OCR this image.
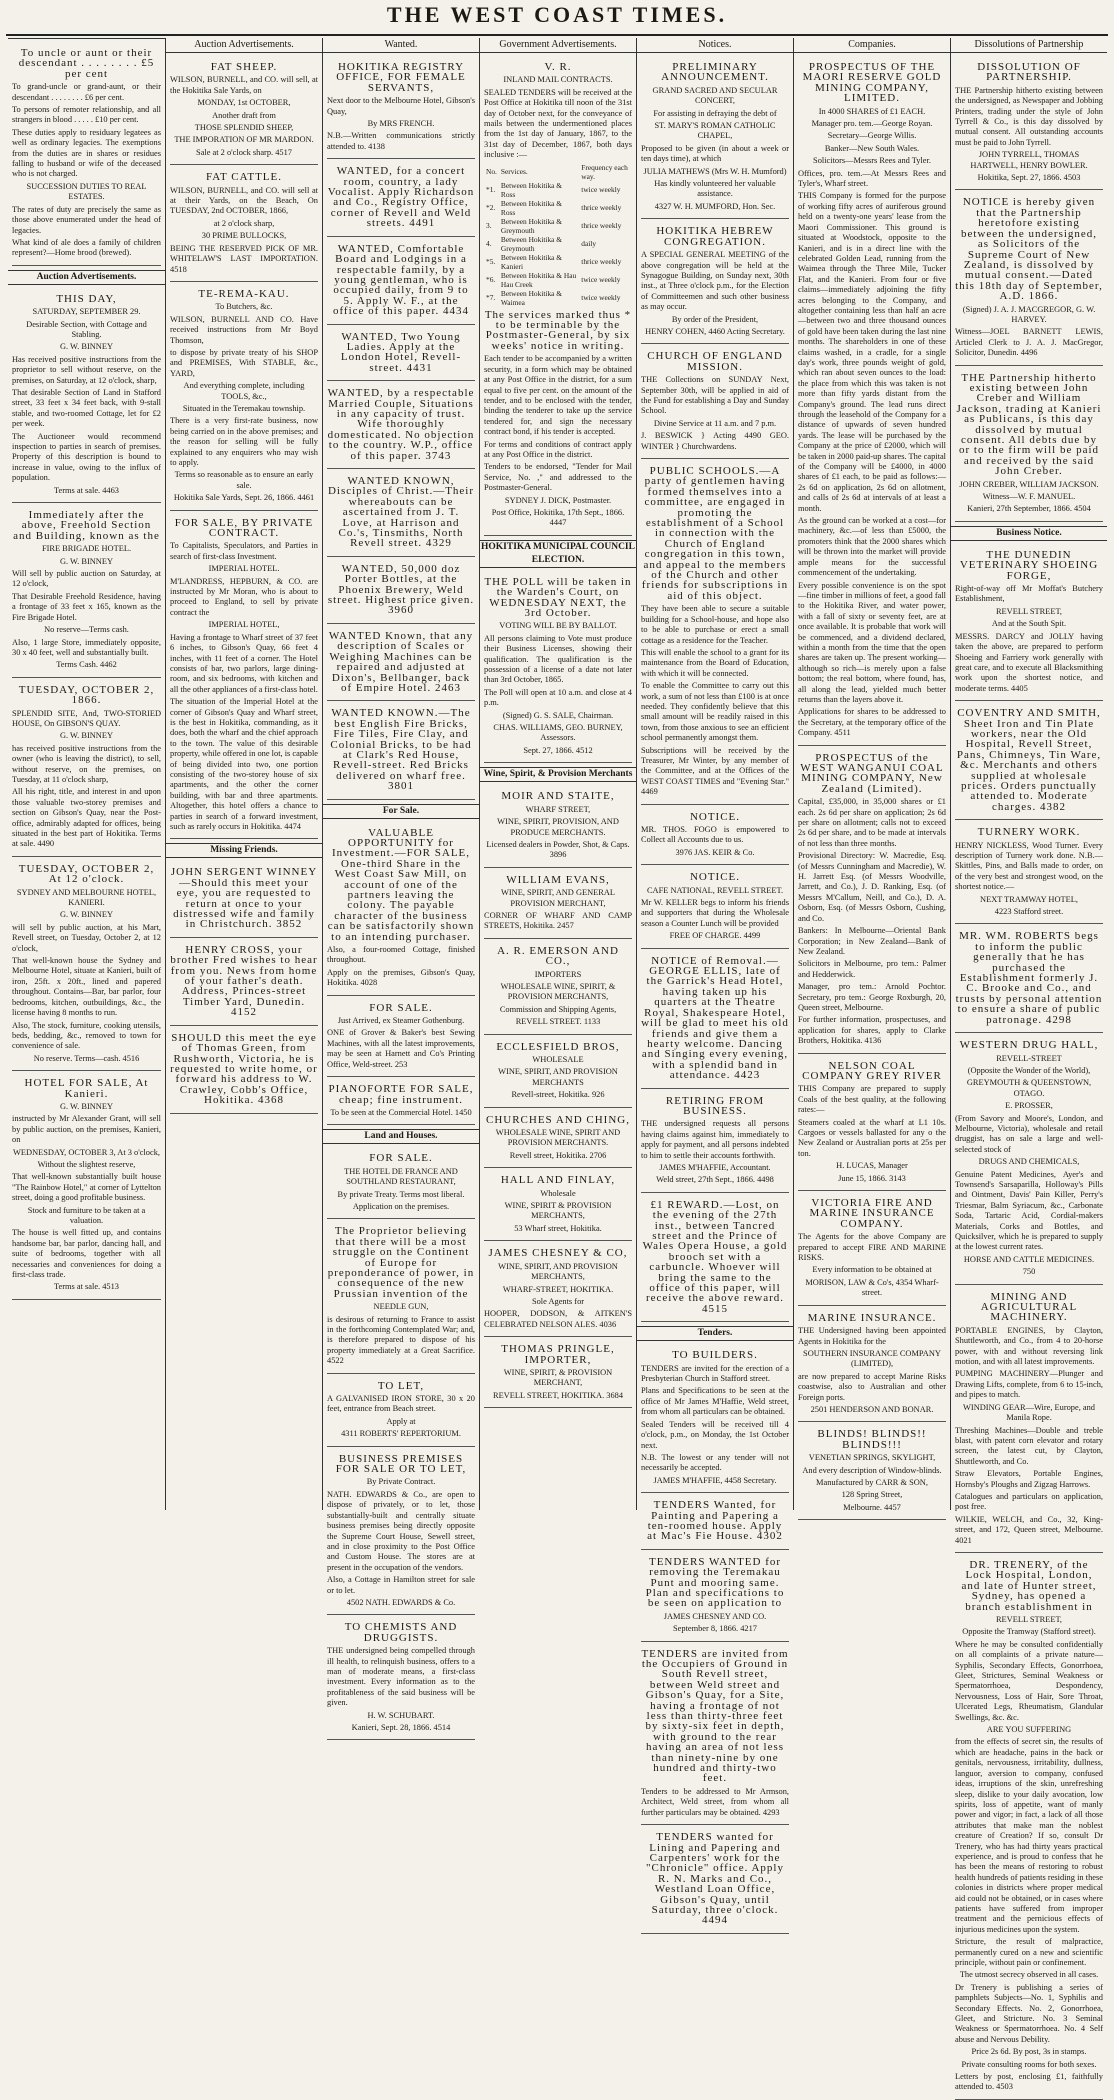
THE WEST COAST TIMES.

To uncle or aunt or their descendant . . . . . . . . £5 per cent

To grand-uncle or grand-aunt, or their descendant . . . . . . . . £6 per cent.

To persons of remoter relationship, and all strangers in blood . . . . . £10 per cent.

These duties apply to residuary legatees as well as ordinary legacies. The exemptions from the duties are in shares or residues falling to husband or wife of the deceased who is not charged.

SUCCESSION DUTIES TO REAL ESTATES.

The rates of duty are precisely the same as those above enumerated under the head of legacies.

What kind of ale does a family of children represent?—Home brood (brewed).

Auction Advertisements.

THIS DAY,

SATURDAY, SEPTEMBER 29.

Desirable Section, with Cottage and Stabling.

G. W. BINNEY

Has received positive instructions from the proprietor to sell without reserve, on the premises, on Saturday, at 12 o'clock, sharp,

That desirable Section of Land in Stafford street, 33 feet x 34 feet back, with 9-stall stable, and two-roomed Cottage, let for £2 per week.

The Auctioneer would recommend inspection to parties in search of premises. Property of this description is bound to increase in value, owing to the influx of population.

Terms at sale. 4463

Immediately after the above, Freehold Section and Building, known as the

FIRE BRIGADE HOTEL.

G. W. BINNEY

Will sell by public auction on Saturday, at 12 o'clock,

That Desirable Freehold Residence, having a frontage of 33 feet x 165, known as the Fire Brigade Hotel.

No reserve—Terms cash.

Also, 1 large Store, immediately opposite, 30 x 40 feet, well and substantially built.

Terms Cash. 4462

TUESDAY, OCTOBER 2, 1866.

SPLENDID SITE, And, TWO-STORIED HOUSE, On GIBSON'S QUAY.

G. W. BINNEY

has received positive instructions from the owner (who is leaving the district), to sell, without reserve, on the premises, on Tuesday, at 11 o'clock sharp,

All his right, title, and interest in and upon those valuable two-storey premises and section on Gibson's Quay, near the Post-office, admirably adapted for offices, being situated in the best part of Hokitika. Terms at sale. 4490

TUESDAY, OCTOBER 2, At 12 o'clock.

SYDNEY AND MELBOURNE HOTEL, KANIERI.

G. W. BINNEY

will sell by public auction, at his Mart, Revell street, on Tuesday, October 2, at 12 o'clock,

That well-known house the Sydney and Melbourne Hotel, situate at Kanieri, built of iron, 25ft. x 20ft., lined and papered throughout. Contains—Bar, bar parlor, four bedrooms, kitchen, outbuildings, &c., the license having 8 months to run.

Also, The stock, furniture, cooking utensils, beds, bedding, &c., removed to town for convenience of sale.

No reserve. Terms—cash. 4516

HOTEL FOR SALE, At Kanieri.

G. W. BINNEY

instructed by Mr Alexander Grant, will sell by public auction, on the premises, Kanieri, on

WEDNESDAY, OCTOBER 3, At 3 o'clock,

Without the slightest reserve,

That well-known substantially built house "The Rainbow Hotel," at corner of Lyttelton street, doing a good profitable business.

Stock and furniture to be taken at a valuation.

The house is well fitted up, and contains handsome bar, bar parlor, dancing hall, and suite of bedrooms, together with all necessaries and conveniences for doing a first-class trade.

Terms at sale. 4513

Auction Advertisements.

FAT SHEEP.

WILSON, BURNELL, and CO. will sell, at the Hokitika Sale Yards, on

MONDAY, 1st OCTOBER,

Another draft from

THOSE SPLENDID SHEEP,

THE IMPORATION OF MR MARDON.

Sale at 2 o'clock sharp. 4517

FAT CATTLE.

WILSON, BURNELL, and CO. will sell at at their Yards, on the Beach, On TUESDAY, 2nd OCTOBER, 1866,

at 2 o'clock sharp,

30 PRIME BULLOCKS,

BEING THE RESERVED PICK OF MR. WHITELAW'S LAST IMPORTATION. 4518

TE-REMA-KAU.

To Butchers, &c.

WILSON, BURNELL AND CO. Have received instructions from Mr Boyd Thomson,

to dispose by private treaty of his SHOP and PREMISES, With STABLE, &c., YARD,

And everything complete, including TOOLS, &c.,

Situated in the Teremakau township.

There is a very first-rate business, now being carried on in the above premises; and the reason for selling will be fully explained to any enquirers who may wish to apply.

Terms so reasonable as to ensure an early sale.

Hokitika Sale Yards, Sept. 26, 1866. 4461

FOR SALE, BY PRIVATE CONTRACT.

To Capitalists, Speculators, and Parties in search of first-class Investment.

IMPERIAL HOTEL.

M'LANDRESS, HEPBURN, & CO. are instructed by Mr Moran, who is about to proceed to England, to sell by private contract the

IMPERIAL HOTEL,

Having a frontage to Wharf street of 37 feet 6 inches, to Gibson's Quay, 66 feet 4 inches, with 11 feet of a corner. The Hotel consists of bar, two parlors, large dining-room, and six bedrooms, with kitchen and all the other appliances of a first-class hotel.

The situation of the Imperial Hotel at the corner of Gibson's Quay and Wharf street, is the best in Hokitika, commanding, as it does, both the wharf and the chief approach to the town. The value of this desirable property, while offered in one lot, is capable of being divided into two, one portion consisting of the two-storey house of six apartments, and the other the corner building, with bar and three apartments. Altogether, this hotel offers a chance to parties in search of a forward investment, such as rarely occurs in Hokitika. 4474

Missing Friends.

JOHN SERGENT WINNEY—Should this meet your eye, you are requested to return at once to your distressed wife and family in Christchurch. 3852

HENRY CROSS, your brother Fred wishes to hear from you. News from home of your father's death. Address, Princes-street Timber Yard, Dunedin. 4152

SHOULD this meet the eye of Thomas Green, from Rushworth, Victoria, he is requested to write home, or forward his address to W. Crawley, Cobb's Office, Hokitika. 4368

Wanted.

HOKITIKA REGISTRY OFFICE, FOR FEMALE SERVANTS,

Next door to the Melbourne Hotel, Gibson's Quay,

By MRS FRENCH.

N.B.—Written communications strictly attended to. 4138

WANTED, for a concert room, country, a lady Vocalist. Apply Richardson and Co., Registry Office, corner of Revell and Weld streets. 4491

WANTED, Comfortable Board and Lodgings in a respectable family, by a young gentleman, who is occupied daily, from 9 to 5. Apply W. F., at the office of this paper. 4434

WANTED, Two Young Ladies. Apply at the London Hotel, Revell-street. 4431

WANTED, by a respectable Married Couple, Situations in any capacity of trust. Wife thoroughly domesticated. No objection to the country. W.P., office of this paper. 3743

WANTED KNOWN, Disciples of Christ.—Their whereabouts can be ascertained from J. T. Love, at Harrison and Co.'s, Tinsmiths, North Revell street. 4329

WANTED, 50,000 doz Porter Bottles, at the Phoenix Brewery, Weld street. Highest price given. 3960

WANTED Known, that any description of Scales or Weighing Machines can be repaired and adjusted at Dixon's, Bellbanger, back of Empire Hotel. 2463

WANTED KNOWN.—The best English Fire Bricks, Fire Tiles, Fire Clay, and Colonial Bricks, to be had at Clark's Red House, Revell-street. Red Bricks delivered on wharf free. 3801

For Sale.

VALUABLE OPPORTUNITY for Investment.—FOR SALE, One-third Share in the West Coast Saw Mill, on account of one of the partners leaving the colony. The payable character of the business can be satisfactorily shown to an intending purchaser.

Also, a four-roomed Cottage, finished throughout.

Apply on the premises, Gibson's Quay, Hokitika. 4028

FOR SALE.

Just Arrived, ex Steamer Gothenburg.

ONE of Grover & Baker's best Sewing Machines, with all the latest improvements, may be seen at Harnett and Co's Printing Office, Weld-street. 253

PIANOFORTE FOR SALE, cheap; fine instrument.

To be seen at the Commercial Hotel. 1450

Land and Houses.

FOR SALE.

THE HOTEL DE FRANCE AND SOUTHLAND RESTAURANT,

By private Treaty. Terms most liberal.

Application on the premises.

The Proprietor believing that there will be a most struggle on the Continent of Europe for preponderance of power, in consequence of the new Prussian invention of the

NEEDLE GUN,

is desirous of returning to France to assist in the forthcoming Contemplated War; and, is therefore prepared to dispose of his property immediately at a Great Sacrifice. 4522

TO LET,

A GALVANISED IRON STORE, 30 x 20 feet, entrance from Beach street.

Apply at

4311 ROBERTS' REPERTORIUM.

BUSINESS PREMISES FOR SALE OR TO LET,

By Private Contract.

NATH. EDWARDS & Co., are open to dispose of privately, or to let, those substantially-built and centrally situate business premises being directly opposite the Supreme Court House, Sewell street, and in close proximity to the Post Office and Custom House. The stores are at present in the occupation of the vendors.

Also, a Cottage in Hamilton street for sale or to let.

4502 NATH. EDWARDS & Co.

TO CHEMISTS AND DRUGGISTS.

THE undersigned being compelled through ill health, to relinquish business, offers to a man of moderate means, a first-class investment. Every information as to the profitableness of the said business will be given.

H. W. SCHUBART.

Kanieri, Sept. 28, 1866. 4514

Government Advertisements.

V. R.

INLAND MAIL CONTRACTS.

SEALED TENDERS will be received at the Post Office at Hokitika till noon of the 31st day of October next, for the conveyance of mails between the undermentioned places from the 1st day of January, 1867, to the 31st day of December, 1867, both days inclusive :—

No.	Services.	Frequency each way.
*1.	Between Hokitika & Ross	twice weekly
*2.	Between Hokitika & Ross	thrice weekly
3.	Between Hokitika & Greymouth	thrice weekly
4.	Between Hokitika & Greymouth	daily
*5.	Between Hokitika & Kanieri	thrice weekly
*6.	Between Hokitika & Hau Hau Creek	twice weekly
*7.	Between Hokitika & Waimea	twice weekly

The services marked thus * to be terminable by the Postmaster-General, by six weeks' notice in writing.

Each tender to be accompanied by a written security, in a form which may be obtained at any Post Office in the district, for a sum equal to five per cent. on the amount of the tender, and to be enclosed with the tender, binding the tenderer to take up the service tendered for, and sign the necessary contract bond, if his tender is accepted.

For terms and conditions of contract apply at any Post Office in the district.

Tenders to be endorsed, "Tender for Mail Service, No. ," and addressed to the Postmaster-General.

SYDNEY J. DICK, Postmaster.

Post Office, Hokitika, 17th Sept., 1866. 4447

HOKITIKA MUNICIPAL COUNCIL ELECTION.

THE POLL will be taken in the Warden's Court, on WEDNESDAY NEXT, the 3rd October.

VOTING WILL BE BY BALLOT.

All persons claiming to Vote must produce their Business Licenses, showing their qualification. The qualification is the possession of a license of a date not later than 3rd October, 1865.

The Poll will open at 10 a.m. and close at 4 p.m.

(Signed) G. S. SALE, Chairman.

CHAS. WILLIAMS, GEO. BURNEY, Assessors.

Sept. 27, 1866. 4512

Wine, Spirit, & Provision Merchants

MOIR AND STAITE,

WHARF STREET,

WINE, SPIRIT, PROVISION, AND PRODUCE MERCHANTS.

Licensed dealers in Powder, Shot, & Caps. 3896

WILLIAM EVANS,

WINE, SPIRIT, AND GENERAL PROVISION MERCHANT,

CORNER OF WHARF AND CAMP STREETS, Hokitika. 2457

A. R. EMERSON AND CO.,

IMPORTERS

WHOLESALE WINE, SPIRIT, & PROVISION MERCHANTS,

Commission and Shipping Agents,

REVELL STREET. 1133

ECCLESFIELD BROS,

WHOLESALE

WINE, SPIRIT, AND PROVISION MERCHANTS

Revell-street, Hokitika. 926

CHURCHES AND CHING,

WHOLESALE WINE, SPIRIT AND PROVISION MERCHANTS.

Revell street, Hokitika. 2706

HALL AND FINLAY,

Wholesale

WINE, SPIRIT & PROVISION MERCHANTS,

53 Wharf street, Hokitika.

JAMES CHESNEY & CO,

WINE, SPIRIT, AND PROVISION MERCHANTS,

WHARF-STREET, HOKITIKA.

Sole Agents for

HOOPER, DODSON, & AITKEN'S CELEBRATED NELSON ALES. 4036

THOMAS PRINGLE, IMPORTER,

WINE, SPIRIT, & PROVISION MERCHANT,

REVELL STREET, HOKITIKA. 3684

Notices.

PRELIMINARY ANNOUNCEMENT.

GRAND SACRED AND SECULAR CONCERT,

For assisting in defraying the debt of

ST. MARY'S ROMAN CATHOLIC CHAPEL,

Proposed to be given (in about a week or ten days time), at which

JULIA MATHEWS (Mrs W. H. Mumford)

Has kindly volunteered her valuable assistance.

4327 W. H. MUMFORD, Hon. Sec.

HOKITIKA HEBREW CONGREGATION.

A SPECIAL GENERAL MEETING of the above congregation will be held at the Synagogue Building, on Sunday next, 30th inst., at Three o'clock p.m., for the Election of Committeemen and such other business as may occur.

By order of the President,

HENRY COHEN, 4460 Acting Secretary.

CHURCH OF ENGLAND MISSION.

THE Collections on SUNDAY Next, September 30th, will be applied in aid of the Fund for establishing a Day and Sunday School.

Divine Service at 11 a.m. and 7 p.m.

J. BESWICK } Acting 4490 GEO. WINTER } Churchwardens.

PUBLIC SCHOOLS.—A party of gentlemen having formed themselves into a committee, are engaged in promoting the establishment of a School in connection with the Church of England congregation in this town, and appeal to the members of the Church and other friends for subscriptions in aid of this object.

They have been able to secure a suitable building for a School-house, and hope also to be able to purchase or erect a small cottage as a residence for the Teacher.

This will enable the school to a grant for its maintenance from the Board of Education, with which it will be connected.

To enable the Committee to carry out this work, a sum of not less than £100 is at once needed. They confidently believe that this small amount will be readily raised in this town, from those anxious to see an efficient school permanently amongst them.

Subscriptions will be received by the Treasurer, Mr Winter, by any member of the Committee, and at the Offices of the WEST COAST TIMES and "Evening Star." 4469

NOTICE.

MR. THOS. FOGO is empowered to Collect all Accounts due to us.

3976 JAS. KEIR & Co.

NOTICE.

CAFE NATIONAL, REVELL STREET.

Mr W. KELLER begs to inform his friends and supporters that during the Wholesale season a Counter Lunch will be provided

FREE OF CHARGE. 4499

NOTICE of Removal.—GEORGE ELLIS, late of the Garrick's Head Hotel, having taken up his quarters at the Theatre Royal, Shakespeare Hotel, will be glad to meet his old friends and give them a hearty welcome. Dancing and Singing every evening, with a splendid band in attendance. 4423

RETIRING FROM BUSINESS.

THE undersigned requests all persons having claims against him, immediately to apply for payment, and all persons indebted to him to settle their accounts forthwith.

JAMES M'HAFFIE, Accountant.

Weld street, 27th Sept., 1866. 4498

£1 REWARD.—Lost, on the evening of the 27th inst., between Tancred street and the Prince of Wales Opera House, a gold brooch set with a carbuncle. Whoever will bring the same to the office of this paper, will receive the above reward. 4515

Tenders.

TO BUILDERS.

TENDERS are invited for the erection of a Presbyterian Church in Stafford street.

Plans and Specifications to be seen at the office of Mr James M'Haffie, Weld street, from whom all particulars can be obtained.

Sealed Tenders will be received till 4 o'clock, p.m., on Monday, the 1st October next.

N.B. The lowest or any tender will not necessarily be accepted.

JAMES M'HAFFIE, 4458 Secretary.

TENDERS Wanted, for Painting and Papering a ten-roomed house. Apply at Mac's Fie House. 4302

TENDERS WANTED for removing the Teremakau Punt and mooring same. Plan and specifications to be seen on application to

JAMES CHESNEY AND CO.

September 8, 1866. 4217

TENDERS are invited from the Occupiers of Ground in South Revell street, between Weld street and Gibson's Quay, for a Site, having a frontage of not less than thirty-three feet by sixty-six feet in depth, with ground to the rear having an area of not less than ninety-nine by one hundred and thirty-two feet.

Tenders to be addressed to Mr Armson, Architect, Weld street, from whom all further particulars may be obtained. 4293

TENDERS wanted for Lining and Papering and Carpenters' work for the "Chronicle" office. Apply R. N. Marks and Co., Westland Loan Office, Gibson's Quay, until Saturday, three o'clock. 4494

Companies.

PROSPECTUS OF THE MAORI RESERVE GOLD MINING COMPANY, LIMITED.

In 4000 SHARES of £1 EACH.

Manager pro. tem.—George Royan.

Secretary—George Willis.

Banker—New South Wales.

Solicitors—Messrs Rees and Tyler.

Offices, pro. tem.—At Messrs Rees and Tyler's, Wharf street.

THIS Company is formed for the purpose of working fifty acres of auriferous ground held on a twenty-one years' lease from the Maori Commissioner. This ground is situated at Woodstock, opposite to the Kanieri, and is in a direct line with the celebrated Golden Lead, running from the Waimea through the Three Mile, Tucker Flat, and the Kanieri. From four or five claims—immediately adjoining the fifty acres belonging to the Company, and altogether containing less than half an acre—between two and three thousand ounces of gold have been taken during the last nine months. The shareholders in one of these claims washed, in a cradle, for a single day's work, three pounds weight of gold, which ran about seven ounces to the load: the place from which this was taken is not more than fifty yards distant from the Company's ground. The lead runs direct through the leasehold of the Company for a distance of upwards of seven hundred yards. The lease will be purchased by the Company at the price of £2000, which will be taken in 2000 paid-up shares. The capital of the Company will be £4000, in 4000 shares of £1 each, to be paid as follows:—2s 6d on application, 2s 6d on allotment, and calls of 2s 6d at intervals of at least a month.

As the ground can be worked at a cost—for machinery, &c.—of less than £5000, the promoters think that the 2000 shares which will be thrown into the market will provide ample means for the successful commencement of the undertaking.

Every possible convenience is on the spot—fine timber in millions of feet, a good fall to the Hokitika River, and water power, with a fall of sixty or seventy feet, are at once available. It is probable that work will be commenced, and a dividend declared, within a month from the time that the open shares are taken up. The present working—although so rich—is merely upon a false bottom; the real bottom, where found, has, all along the lead, yielded much better returns than the layers above it.

Applications for shares to be addressed to the Secretary, at the temporary office of the Company. 4511

PROSPECTUS of the WEST WANGANUI COAL MINING COMPANY, New Zealand (Limited).

Capital, £35,000, in 35,000 shares or £1 each. 2s 6d per share on application; 2s 6d per share on allotment; calls not to exceed 2s 6d per share, and to be made at intervals of not less than three months.

Provisional Directory: W. Macredie, Esq. (of Messrs Cunningham and Macredie), W. H. Jarrett Esq. (of Messrs Woodville, Jarrett, and Co.), J. D. Ranking, Esq. (of Messrs M'Callum, Neill, and Co.), D. A. Osborn, Esq. (of Messrs Osborn, Cushing, and Co.

Bankers: In Melbourne—Oriental Bank Corporation; in New Zealand—Bank of New Zealand.

Solicitors in Melbourne, pro tem.: Palmer and Hedderwick.

Manager, pro tem.: Arnold Pochtor. Secretary, pro tem.: George Roxburgh, 20, Queen street, Melbourne.

For further information, prospectuses, and application for shares, apply to Clarke Brothers, Hokitika. 4136

NELSON COAL COMPANY GREY RIVER

THIS Company are prepared to supply Coals of the best quality, at the following rates:—

Steamers coaled at the wharf at L1 10s. Cargoes or vessels ballasted for any o the New Zealand or Australian ports at 25s per ton.

H. LUCAS, Manager

June 15, 1866. 3143

VICTORIA FIRE AND MARINE INSURANCE COMPANY.

The Agents for the above Company are prepared to accept FIRE AND MARINE RISKS.

Every information to be obtained at

MORISON, LAW & Co's, 4354 Wharf-street.

MARINE INSURANCE.

THE Undersigned having been appointed Agents in Hokitika for the

SOUTHERN INSURANCE COMPANY (LIMITED),

are now prepared to accept Marine Risks coastwise, also to Australian and other Foreign ports.

2501 HENDERSON AND BONAR.

BLINDS! BLINDS!! BLINDS!!!

VENETIAN SPRINGS, SKYLIGHT,

And every description of Window-blinds.

Manufactured by CARR & SON,

128 Spring Street,

Melbourne. 4457

Dissolutions of Partnership

DISSOLUTION OF PARTNERSHIP.

THE Partnership hitherto existing between the undersigned, as Newspaper and Jobbing Printers, trading under the style of John Tyrrell & Co., is this day dissolved by mutual consent. All outstanding accounts must be paid to John Tyrrell.

JOHN TYRRELL, THOMAS HARTWELL, HENRY BOWLER.

Hokitika, Sept. 27, 1866. 4503

NOTICE is hereby given that the Partnership heretofore existing between the undersigned, as Solicitors of the Supreme Court of New Zealand, is dissolved by mutual consent.—Dated this 18th day of September, A.D. 1866.

(Signed) J. A. J. MACGREGOR, G. W. HARVEY.

Witness—JOEL BARNETT LEWIS, Articled Clerk to J. A. J. MacGregor, Solicitor, Dunedin. 4496

THE Partnership hitherto existing between John Creber and William Jackson, trading at Kanieri as Publicans, is this day dissolved by mutual consent. All debts due by or to the firm will be paid and received by the said John Creber.

JOHN CREBER, WILLIAM JACKSON.

Witness—W. F. MANUEL.

Kanieri, 27th September, 1866. 4504

Business Notice.

THE DUNEDIN VETERINARY SHOEING FORGE,

Right-of-way off Mr Moffat's Butchery Establishment,

REVELL STREET,

And at the South Spit.

MESSRS. DARCY and JOLLY having taken the above, are prepared to perform Shoeing and Farriery work generally with great care, and to execute all Blacksmithing work upon the shortest notice, and moderate terms. 4405

COVENTRY AND SMITH, Sheet Iron and Tin Plate workers, near the Old Hospital, Revell Street, Pans, Chimneys, Tin Ware, &c. Merchants and others supplied at wholesale prices. Orders punctually attended to. Moderate charges. 4382

TURNERY WORK.

HENRY NICKLESS, Wood Turner. Every description of Turnery work done. N.B.—Skittles, Pins, and Balls made to order, on of the very best and strongest wood, on the shortest notice.—

NEXT TRAMWAY HOTEL,

4223 Stafford street.

MR. WM. ROBERTS begs to inform the public generally that he has purchased the Establishment formerly J. C. Brooke and Co., and trusts by personal attention to ensure a share of public patronage. 4298

WESTERN DRUG HALL,

REVELL-STREET

(Opposite the Wonder of the World),

GREYMOUTH & QUEENSTOWN, OTAGO.

E. PROSSER,

(From Savory and Moore's, London, and Melbourne, Victoria), wholesale and retail druggist, has on sale a large and well-selected stock of

DRUGS AND CHEMICALS,

Genuine Patent Medicines, Ayer's and Townsend's Sarsaparilla, Holloway's Pills and Ointment, Davis' Pain Killer, Perry's Triesmar, Balm Syriacum, &c., Carbonate Soda, Tartaric Acid, Cordial-makers Materials, Corks and Bottles, and Quicksilver, which he is prepared to supply at the lowest current rates.

HORSE AND CATTLE MEDICINES.

750

MINING AND AGRICULTURAL MACHINERY.

PORTABLE ENGINES, by Clayton, Shuttleworth, and Co., from 4 to 20-horse power, with and without reversing link motion, and with all latest improvements.

PUMPING MACHINERY—Plunger and Drawing Lifts, complete, from 6 to 15-inch, and pipes to match.

WINDING GEAR—Wire, Europe, and Manila Rope.

Threshing Machines—Double and treble blast, with patent corn elevator and rotary screen, the latest cut, by Clayton, Shuttleworth, and Co.

Straw Elevators, Portable Engines, Hornsby's Ploughs and Zigzag Harrows.

Catalogues and particulars on application, post free.

WILKIE, WELCH, and Co., 32, King-street, and 172, Queen street, Melbourne. 4021

DR. TRENERY, of the Lock Hospital, London, and late of Hunter street, Sydney, has opened a branch establishment in

REVELL STREET,

Opposite the Tramway (Stafford street).

Where he may be consulted confidentially on all complaints of a private nature—Syphilis, Secondary Effects, Gonorrhoea, Gleet, Strictures, Seminal Weakness or Spermatorrhoea, Despondency, Nervousness, Loss of Hair, Sore Throat, Ulcerated Legs, Rheumatism, Glandular Swellings, &c. &c.

ARE YOU SUFFERING

from the effects of secret sin, the results of which are headache, pains in the back or genitals, nervousness, irritability, dullness, languor, aversion to company, confused ideas, irruptions of the skin, unrefreshing sleep, dislike to your daily avocation, low spirits, loss of appetite, want of manly power and vigor; in fact, a lack of all those attributes that make man the noblest creature of Creation? If so, consult Dr Trenery, who has had thirty years practical experience, and is proud to confess that he has been the means of restoring to robust health hundreds of patients residing in these colonies in districts where proper medical aid could not be obtained, or in cases where patients have suffered from improper treatment and the pernicious effects of injurious medicines upon the system.

Stricture, the result of malpractice, permanently cured on a new and scientific principle, without pain or confinement.

The utmost secrecy observed in all cases.

Dr Trenery is publishing a series of pamphlets Subjects—No. 1, Syphilis and Secondary Effects. No. 2, Gonorrhoea, Gleet, and Stricture. No. 3 Seminal Weakness or Spermatorrhoea. No. 4 Self abuse and Nervous Debility.

Price 2s 6d. By post, 3s in stamps.

Private consulting rooms for both sexes.

Letters by post, enclosing £1, faithfully attended to. 4503
